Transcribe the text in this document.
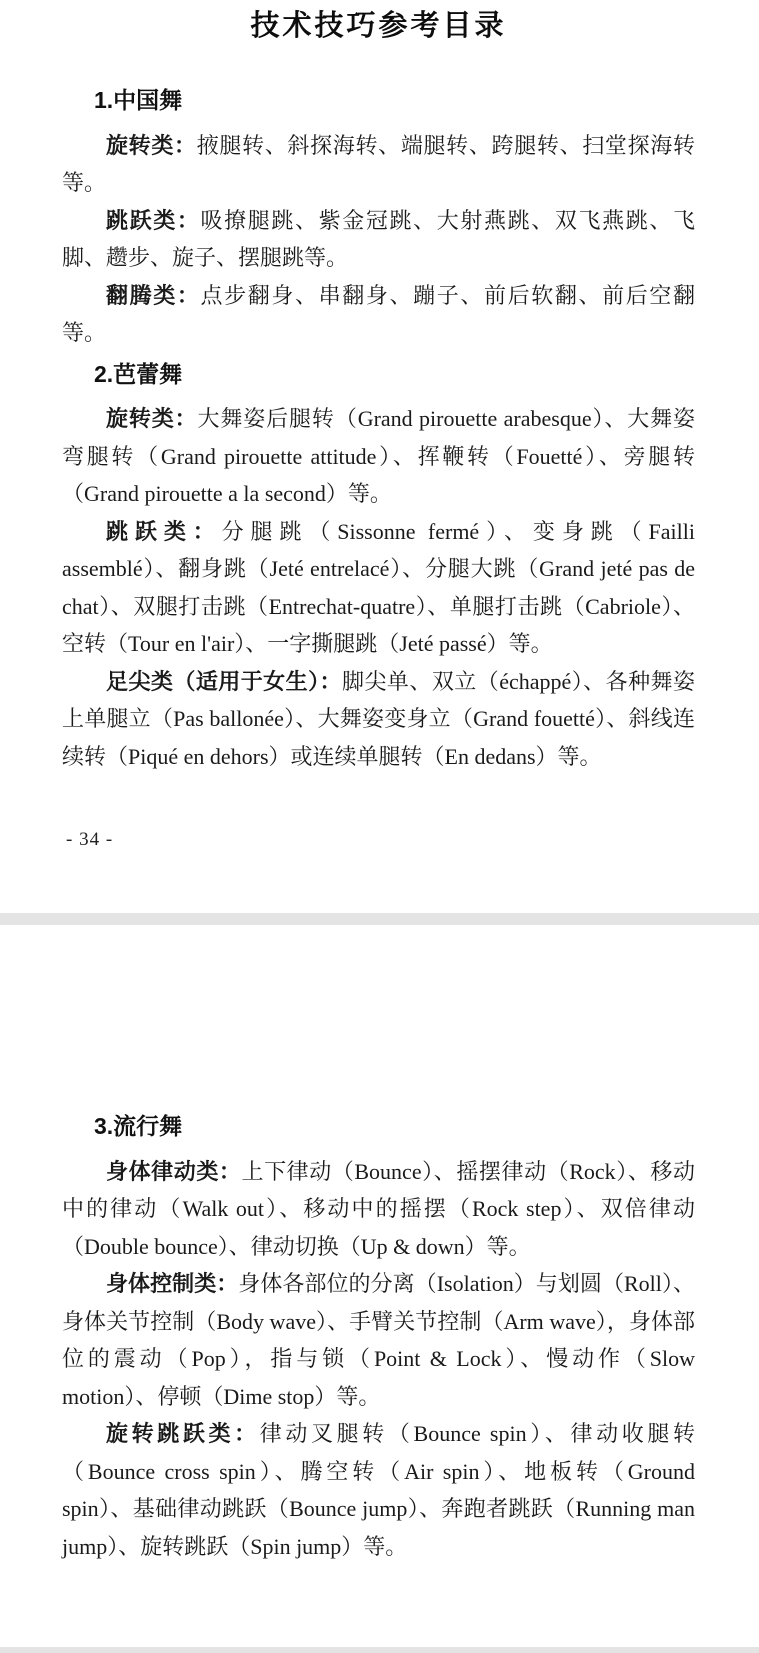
技术技巧参考目录
1.中国舞

旋转类：掖腿转、斜探海转、端腿转、跨腿转、扫堂探海转等。

跳跃类：吸撩腿跳、紫金冠跳、大射燕跳、双飞燕跳、飞脚、趱步、旋子、摆腿跳等。

翻腾类：点步翻身、串翻身、蹦子、前后软翻、前后空翻等。

2.芭蕾舞

旋转类：大舞姿后腿转（Grand pirouette arabesque）、大舞姿弯腿转（Grand pirouette attitude）、挥鞭转（Fouetté）、旁腿转（Grand pirouette a la second）等。

跳跃类：分腿跳（Sissonne fermé）、变身跳（Failli assemblé）、翻身跳（Jeté entrelacé）、分腿大跳（Grand jeté pas de chat）、双腿打击跳（Entrechat-quatre）、单腿打击跳（Cabriole）、空转（Tour en l'air）、一字撕腿跳（Jeté passé）等。

足尖类（适用于女生）：脚尖单、双立（échappé）、各种舞姿上单腿立（Pas ballonée）、大舞姿变身立（Grand fouetté）、斜线连续转（Piqué en dehors）或连续单腿转（En dedans）等。

- 34 -
3.流行舞

身体律动类：上下律动（Bounce）、摇摆律动（Rock）、移动中的律动（Walk out）、移动中的摇摆（Rock step）、双倍律动（Double bounce）、律动切换（Up & down）等。

身体控制类：身体各部位的分离（Isolation）与划圆（Roll）、身体关节控制（Body wave）、手臂关节控制（Arm wave），身体部位的震动（Pop），指与锁（Point & Lock）、慢动作（Slow motion）、停顿（Dime stop）等。

旋转跳跃类：律动叉腿转（Bounce spin）、律动收腿转（Bounce cross spin）、腾空转（Air spin）、地板转（Ground spin）、基础律动跳跃（Bounce jump）、奔跑者跳跃（Running man jump）、旋转跳跃（Spin jump）等。
